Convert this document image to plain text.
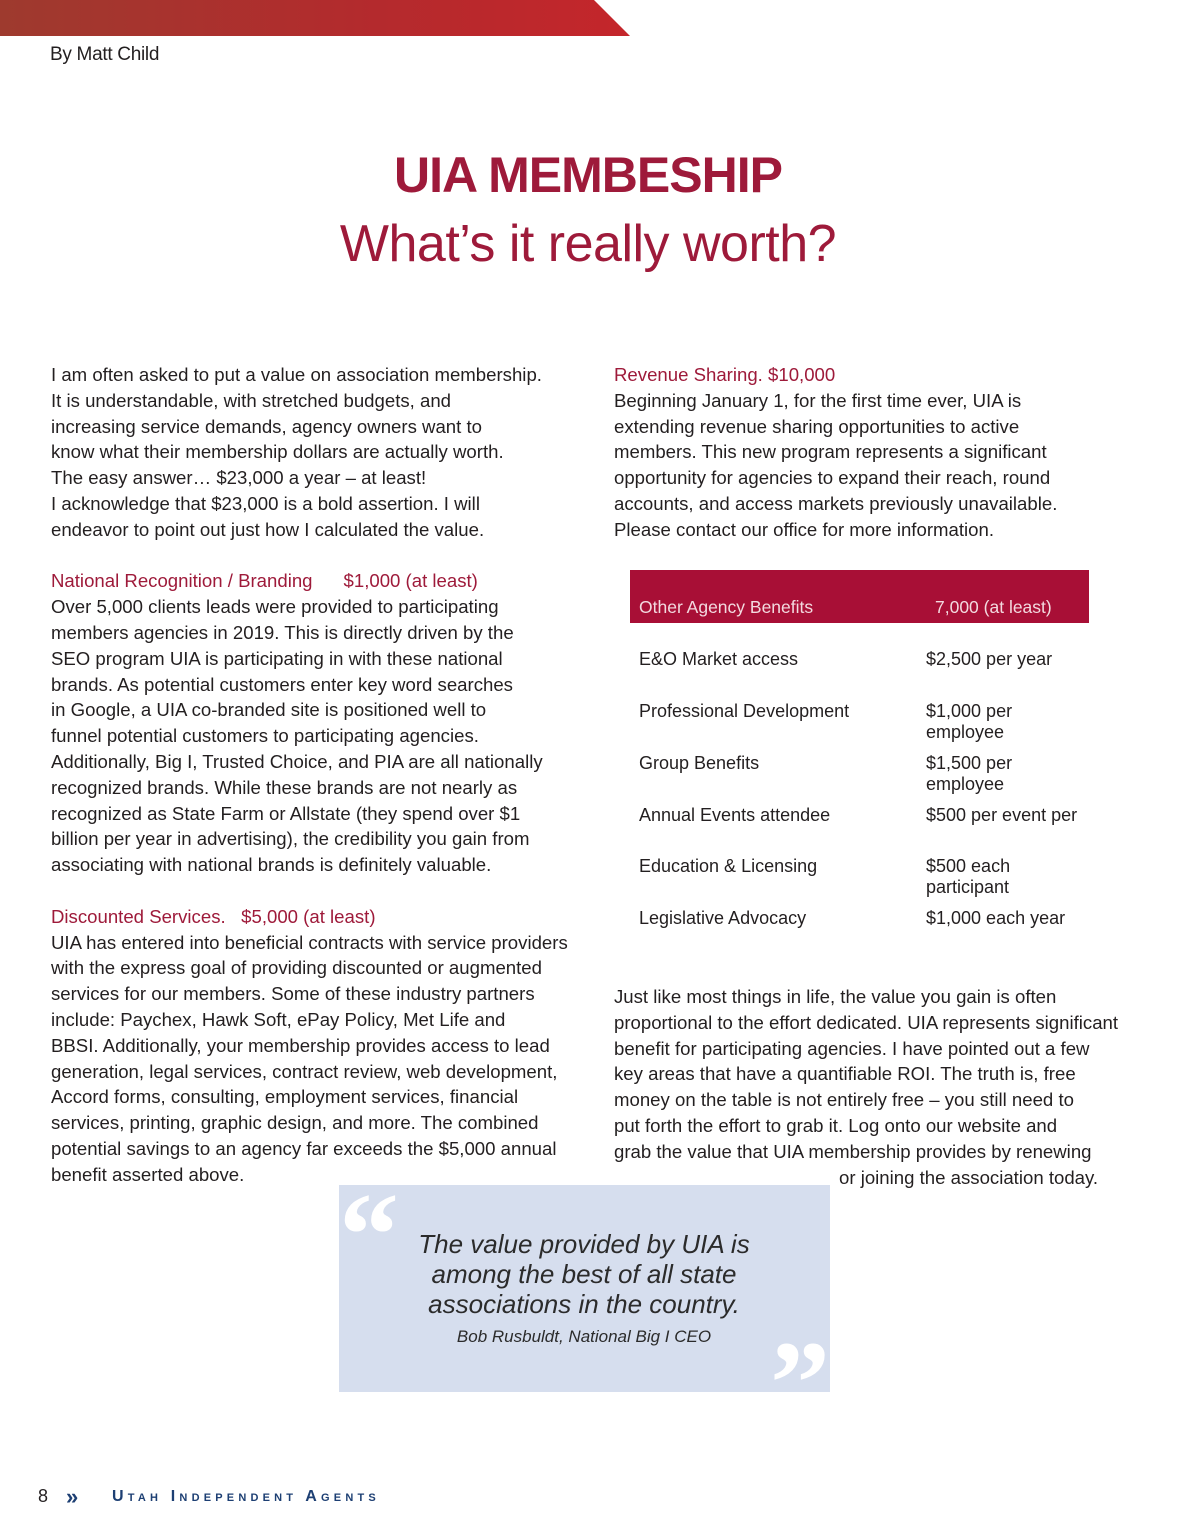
By Matt Child
UIA MEMBESHIP
What’s it really worth?

I am often asked to put a value on association membership.

It is understandable, with stretched budgets, and

increasing service demands, agency owners want to

know what their membership dollars are actually worth.

The easy answer… $23,000 a year – at least!

I acknowledge that $23,000 is a bold assertion. I will

endeavor to point out just how I calculated the value.

National Recognition / Branding      $1,000 (at least)

Over 5,000 clients leads were provided to participating

members agencies in 2019. This is directly driven by the

SEO program UIA is participating in with these national

brands. As potential customers enter key word searches

in Google, a UIA co-branded site is positioned well to

funnel potential customers to participating agencies.

Additionally, Big I, Trusted Choice, and PIA are all nationally

recognized brands. While these brands are not nearly as

recognized as State Farm or Allstate (they spend over $1

billion per year in advertising), the credibility you gain from

associating with national brands is definitely valuable.

Discounted Services.   $5,000 (at least)

UIA has entered into beneficial contracts with service providers

with the express goal of providing discounted or augmented

services for our members. Some of these industry partners

include: Paychex, Hawk Soft, ePay Policy, Met Life and

BBSI. Additionally, your membership provides access to lead

generation, legal services, contract review, web development,

Accord forms, consulting, employment services, financial

services, printing, graphic design, and more. The combined

potential savings to an agency far exceeds the $5,000 annual

benefit asserted above.

Revenue Sharing. $10,000

Beginning January 1, for the first time ever, UIA is

extending revenue sharing opportunities to active

members. This new program represents a significant

opportunity for agencies to expand their reach, round

accounts, and access markets previously unavailable.

Please contact our office for more information.

Other Agency Benefits	7,000 (at least)
E&O Market access	$2,500 per year
Professional Development	$1,000 per employee
Group Benefits	$1,500 per employee
Annual Events attendee	$500 per event per
Education & Licensing	$500 each participant
Legislative Advocacy	$1,000 each year

Just like most things in life, the value you gain is often

proportional to the effort dedicated. UIA represents significant

benefit for participating agencies. I have pointed out a few

key areas that have a quantifiable ROI. The truth is, free

money on the table is not entirely free – you still need to

put forth the effort to grab it. Log onto our website and

grab the value that UIA membership provides by renewing

or joining the association today.

“ The value provided by UIA is
among the best of all state
associations in the country.
Bob Rusbuldt, National Big I CEO ”
8 » Utah Independent Agents
